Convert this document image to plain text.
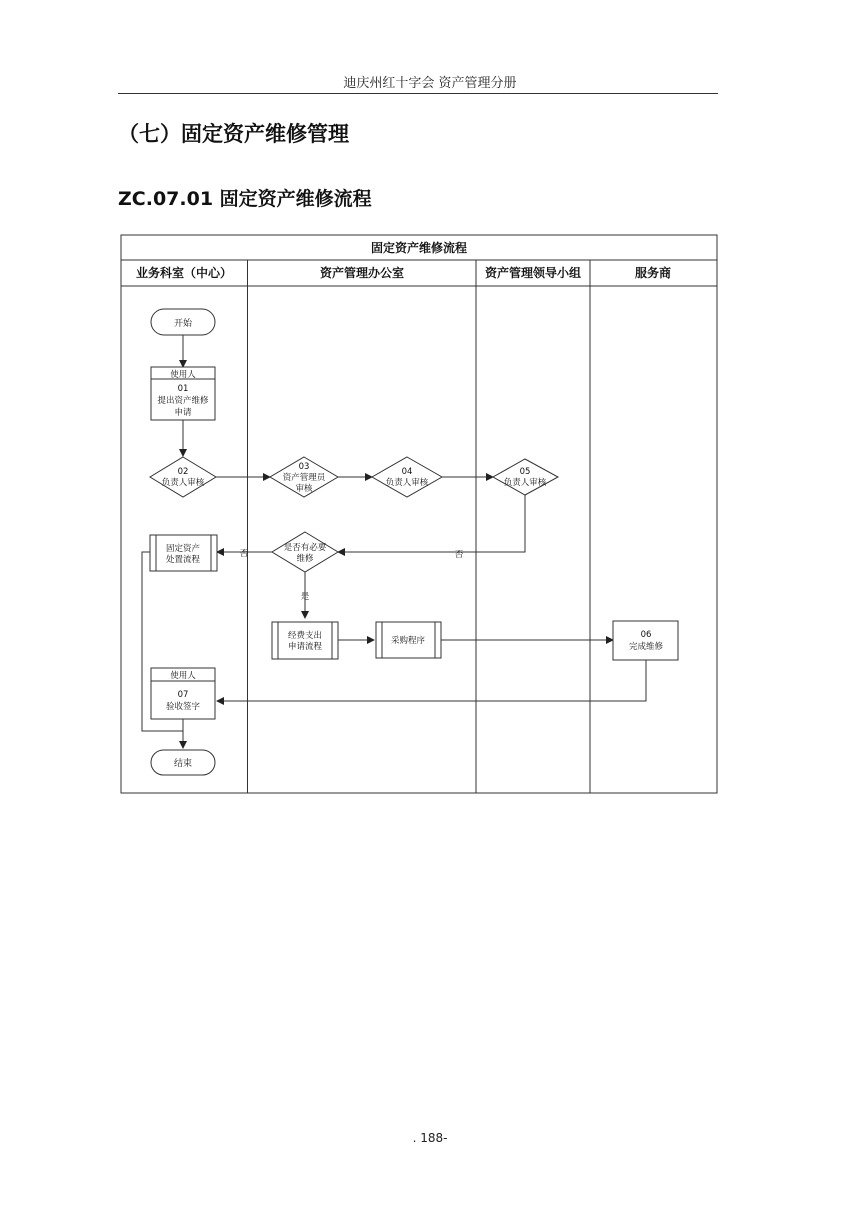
迪庆州红十字会 资产管理分册
（七）固定资产维修管理
ZC.07.01 固定资产维修流程
固定资产维修流程
业务科室（中心）	资产管理办公室	资产管理领导小组	服务商
开始
使用人
01
提出资产维修
申请
02
负责人审核
03
资产管理员
审核
04
负责人审核
05
负责人审核
是否有必要
维修
固定资产
处置流程
经费支出
申请流程
采购程序
06
完成维修
使用人
07
验收签字
结束
否
否
是
. 188-
